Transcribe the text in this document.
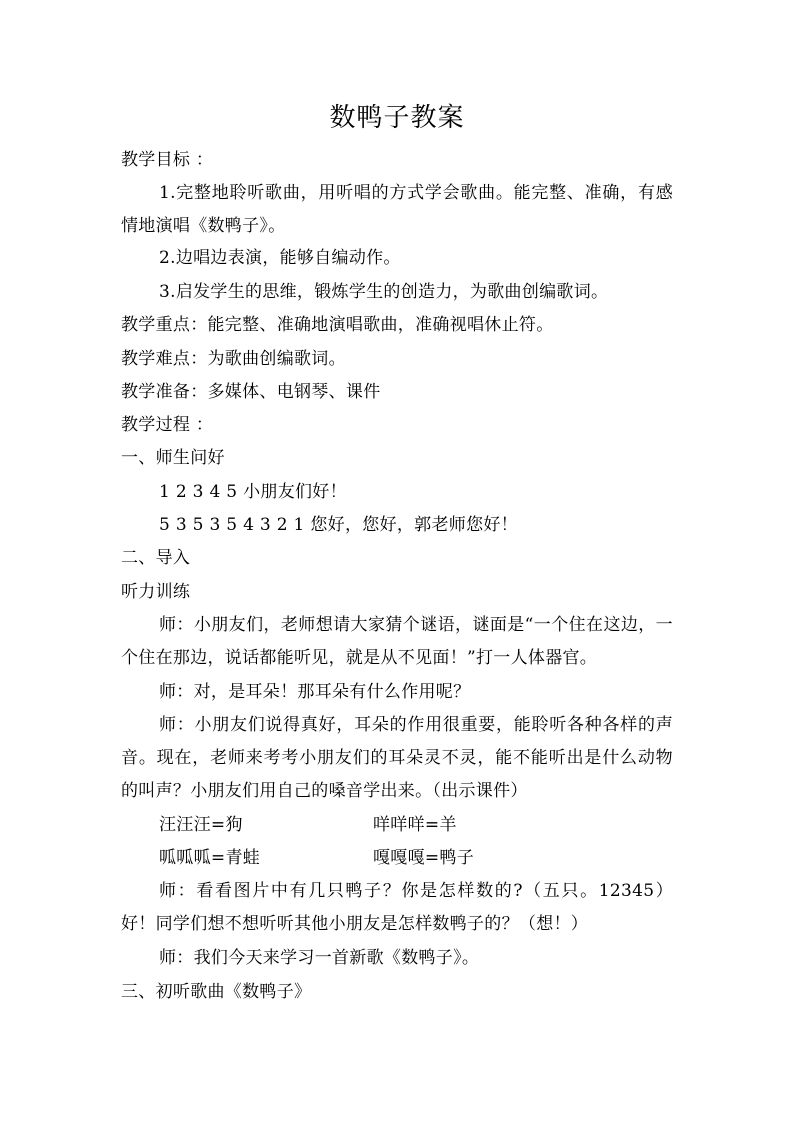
数鸭子教案
教学目标 ：
1.完整地聆听歌曲，用听唱的方式学会歌曲。能完整、准确，有感情地演唱《数鸭子》。
2.边唱边表演，能够自编动作。
3.启发学生的思维，锻炼学生的创造力，为歌曲创编歌词。
教学重点：能完整、准确地演唱歌曲，准确视唱休止符。
教学难点：为歌曲创编歌词。
教学准备：多媒体、电钢琴、课件
教学过程 ：
一、师生问好
1 2 3 4 5 小朋友们好！
5 3 5 3 5 4 3 2 1 您好，您好，郭老师您好！
二、导入
听力训练
师：小朋友们，老师想请大家猜个谜语，谜面是“一个住在这边，一个住在那边，说话都能听见，就是从不见面！”打一人体器官。
师：对，是耳朵！那耳朵有什么作用呢？
师：小朋友们说得真好，耳朵的作用很重要，能聆听各种各样的声音。现在，老师来考考小朋友们的耳朵灵不灵，能不能听出是什么动物的叫声？小朋友们用自己的嗓音学出来。（出示课件）
汪汪汪=狗	咩咩咩=羊
呱呱呱=青蛙	嘎嘎嘎=鸭子
师：看看图片中有几只鸭子？你是怎样数的?（五只。12345）好！同学们想不想听听其他小朋友是怎样数鸭子的？（想！）
师：我们今天来学习一首新歌《数鸭子》。
三、初听歌曲《数鸭子》
